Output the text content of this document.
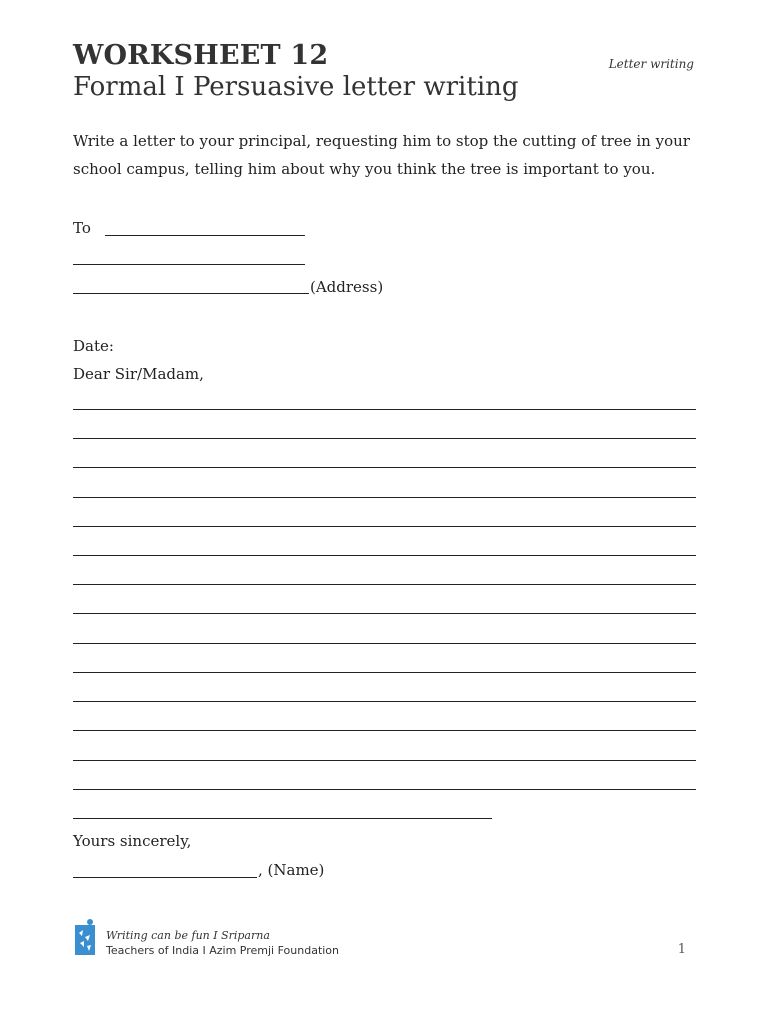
WORKSHEET 12
Formal I Persuasive letter writing
Letter writing
Write a letter to your principal, requesting him to stop the cutting of tree in your
school campus, telling him about why you think the tree is important to you.
To
(Address)
Date:
Dear Sir/Madam,
Yours sincerely,
, (Name)
Writing can be fun I Sriparna
Teachers of India I Azim Premji Foundation	1
